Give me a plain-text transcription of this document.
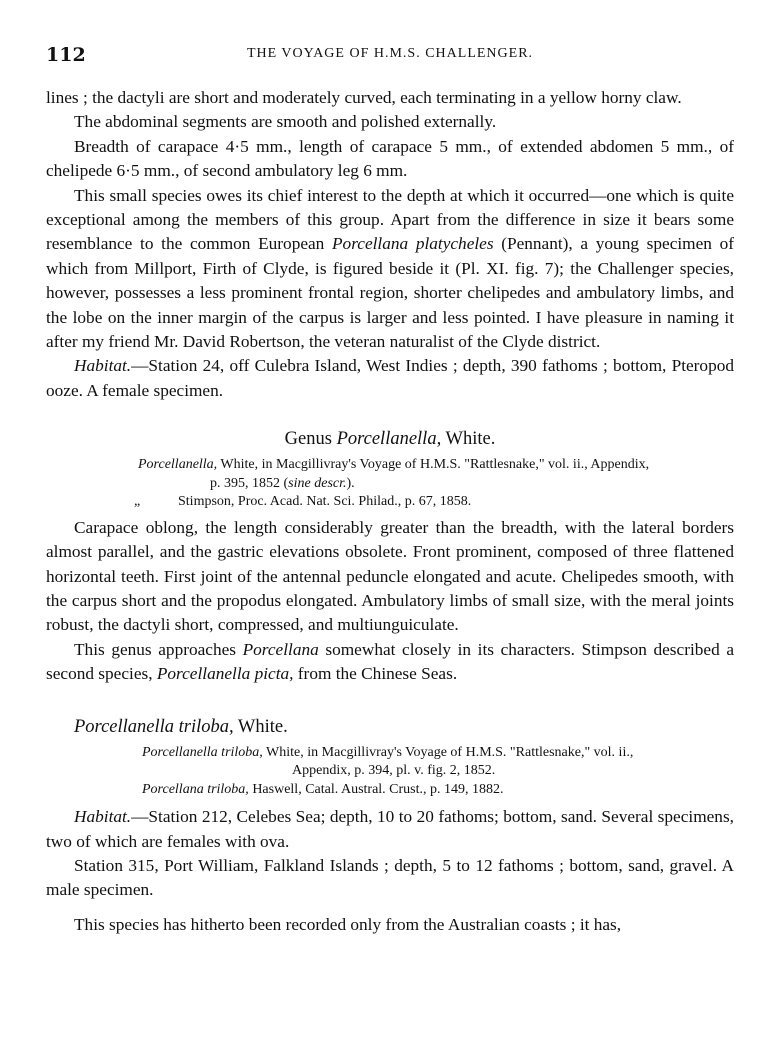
112	THE VOYAGE OF H.M.S. CHALLENGER.

lines ; the dactyli are short and moderately curved, each terminating in a yellow horny claw.

The abdominal segments are smooth and polished externally.

Breadth of carapace 4·5 mm., length of carapace 5 mm., of extended abdomen 5 mm., of chelipede 6·5 mm., of second ambulatory leg 6 mm.

This small species owes its chief interest to the depth at which it occurred—one which is quite exceptional among the members of this group. Apart from the difference in size it bears some resemblance to the common European Porcellana platycheles (Pennant), a young specimen of which from Millport, Firth of Clyde, is figured beside it (Pl. XI. fig. 7); the Challenger species, however, possesses a less prominent frontal region, shorter chelipedes and ambulatory limbs, and the lobe on the inner margin of the carpus is larger and less pointed. I have pleasure in naming it after my friend Mr. David Robertson, the veteran naturalist of the Clyde district.

Habitat.—Station 24, off Culebra Island, West Indies ; depth, 390 fathoms ; bottom, Pteropod ooze. A female specimen.

Genus Porcellanella, White.
Porcellanella, White, in Macgillivray's Voyage of H.M.S. "Rattlesnake," vol. ii., Appendix,
p. 395, 1852 (sine descr.).
„	Stimpson, Proc. Acad. Nat. Sci. Philad., p. 67, 1858.

Carapace oblong, the length considerably greater than the breadth, with the lateral borders almost parallel, and the gastric elevations obsolete. Front prominent, composed of three flattened horizontal teeth. First joint of the antennal peduncle elongated and acute. Chelipedes smooth, with the carpus short and the propodus elongated. Ambulatory limbs of small size, with the meral joints robust, the dactyli short, compressed, and multiunguiculate.

This genus approaches Porcellana somewhat closely in its characters. Stimpson described a second species, Porcellanella picta, from the Chinese Seas.

Porcellanella triloba, White.
Porcellanella triloba, White, in Macgillivray's Voyage of H.M.S. "Rattlesnake," vol. ii.,
Appendix, p. 394, pl. v. fig. 2, 1852.
Porcellana triloba, Haswell, Catal. Austral. Crust., p. 149, 1882.

Habitat.—Station 212, Celebes Sea; depth, 10 to 20 fathoms; bottom, sand. Several specimens, two of which are females with ova.

Station 315, Port William, Falkland Islands ; depth, 5 to 12 fathoms ; bottom, sand, gravel. A male specimen.

This species has hitherto been recorded only from the Australian coasts ; it has,
